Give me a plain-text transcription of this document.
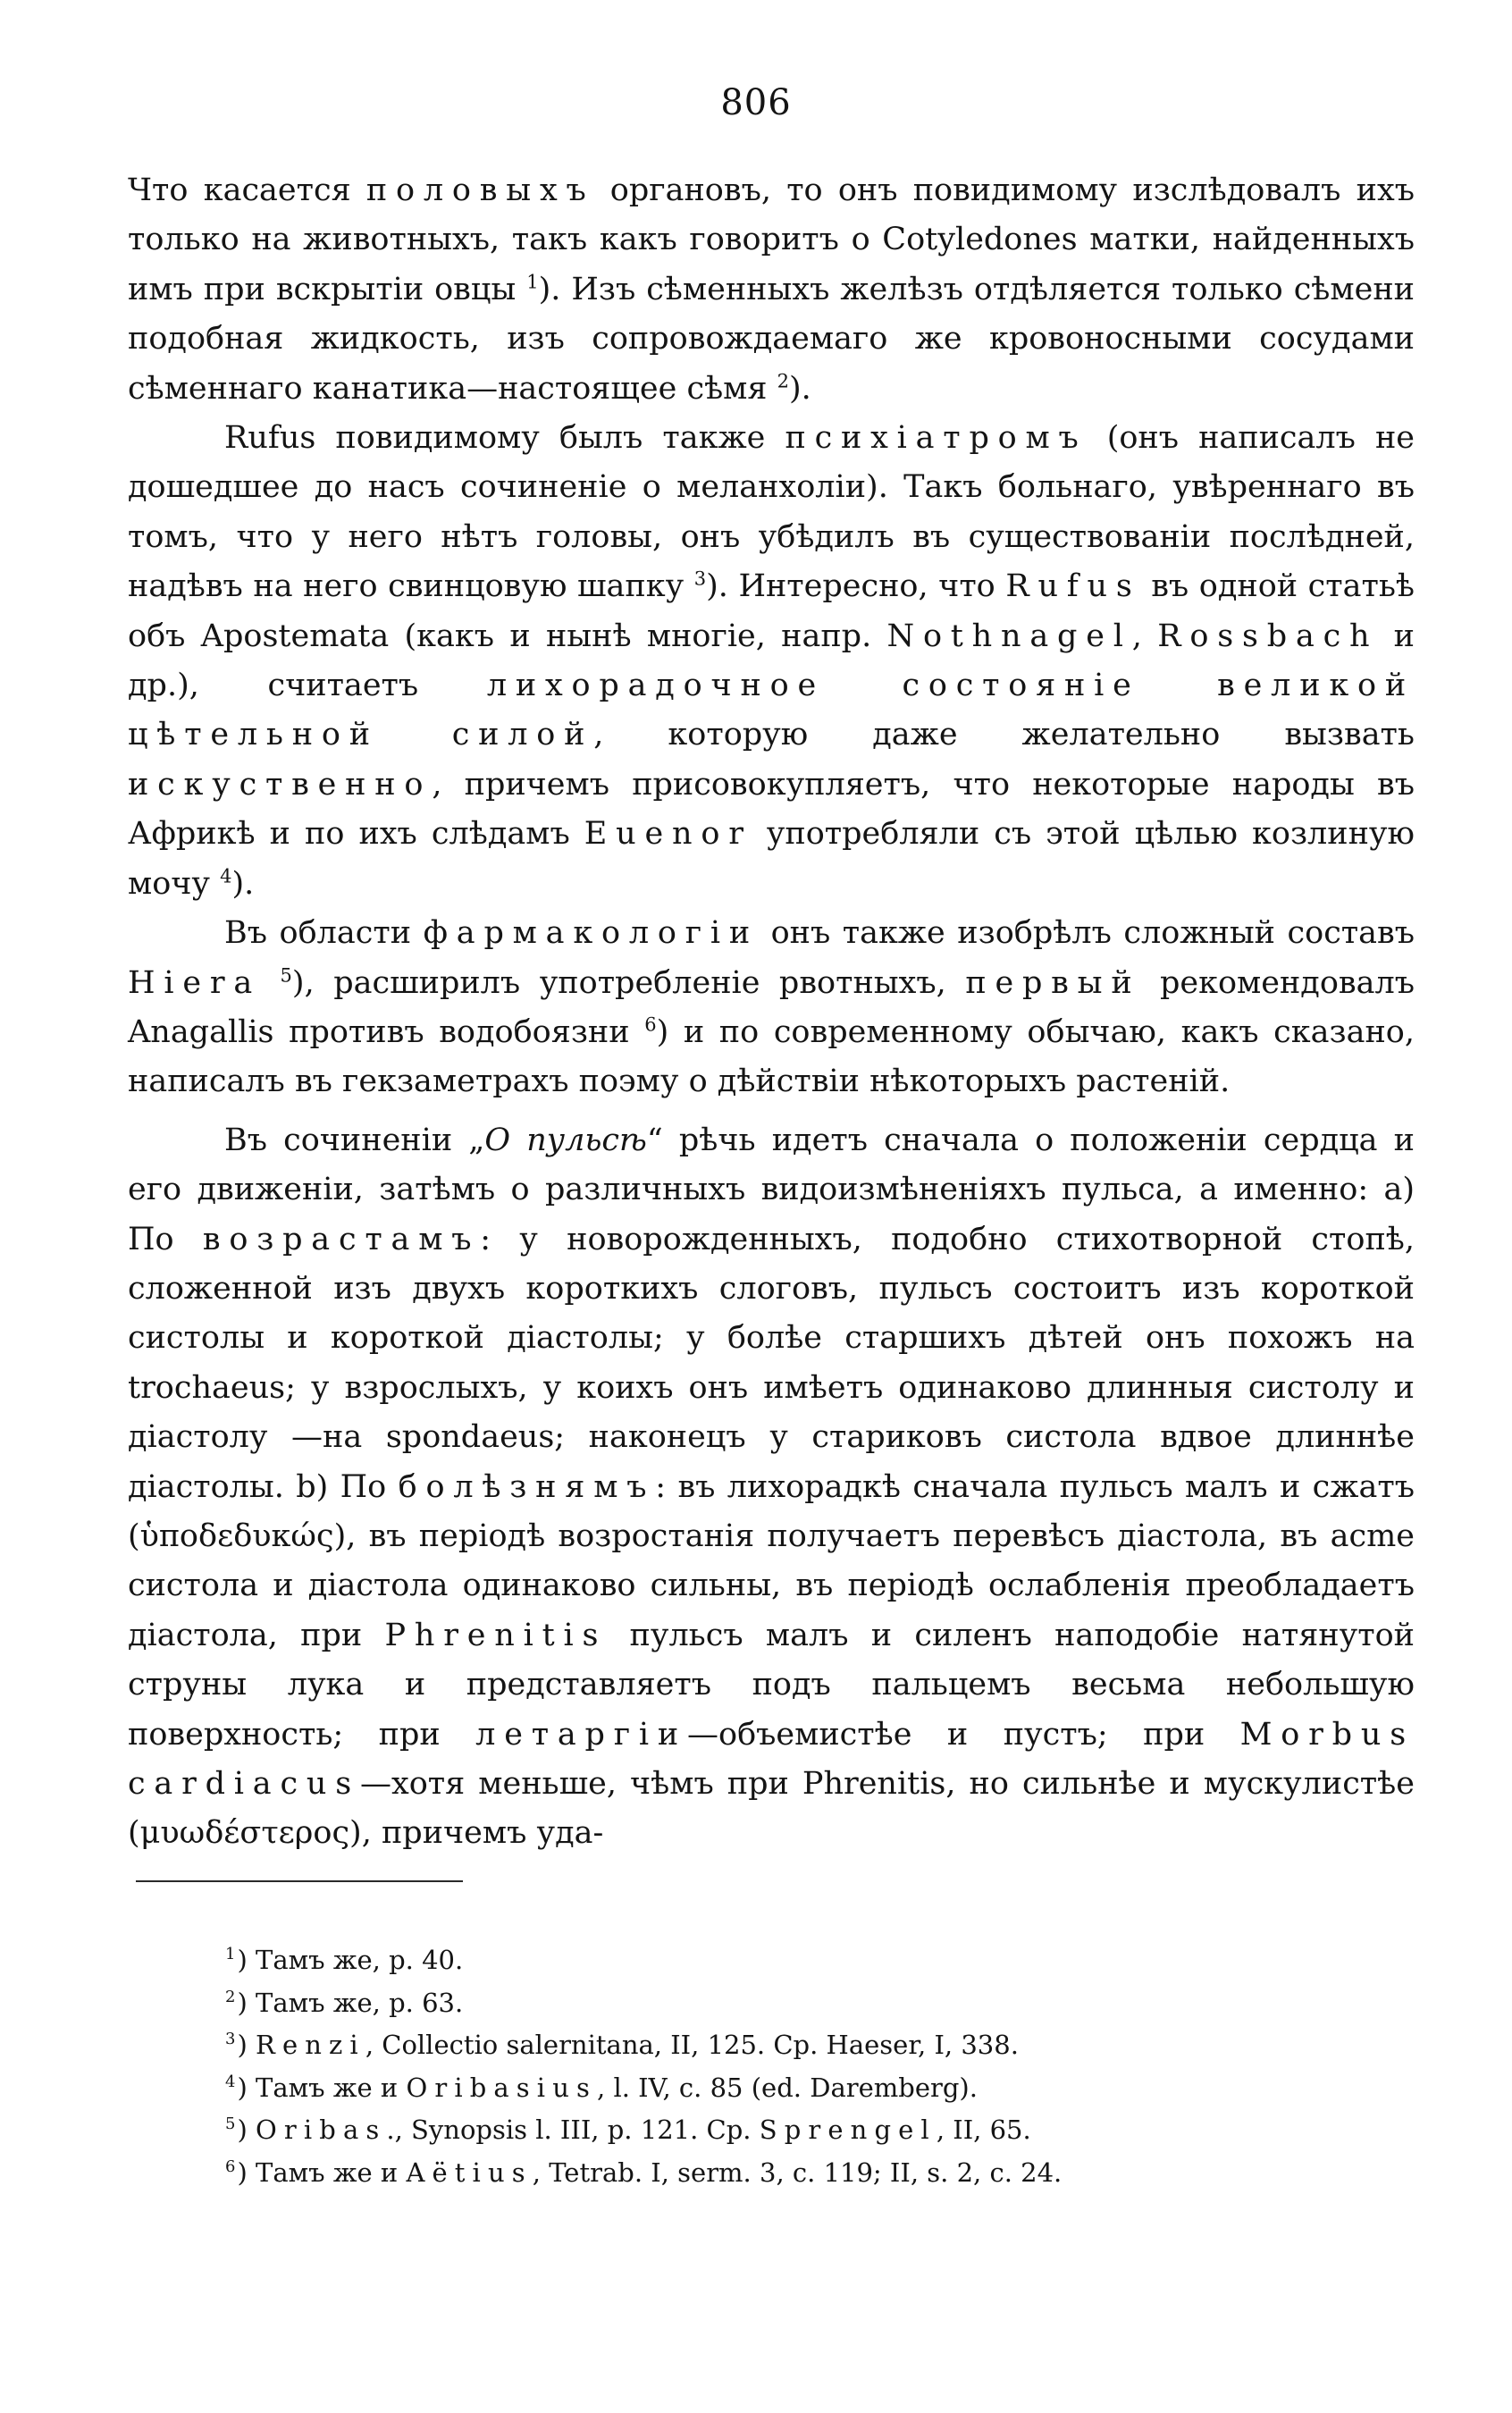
806

Что касается половыхъ органовъ, то онъ повидимому изслѣдовалъ ихъ только на животныхъ, такъ какъ говоритъ о Cotyledones матки, найденныхъ имъ при вскрытіи овцы $^1$). Изъ сѣменныхъ желѣзъ отдѣляется только сѣмени подобная жидкость, изъ сопровождаемаго же кровоносными сосудами сѣменнаго канатика—настоящее сѣмя $^2$).

Rufus повидимому былъ также психіатромъ (онъ написалъ не дошедшее до насъ сочиненіе о меланхоліи). Такъ больнаго, увѣреннаго въ томъ, что у него нѣтъ головы, онъ убѣдилъ въ существованіи послѣдней, надѣвъ на него свинцовую шапку $^3$). Интересно, что Rufus въ одной статьѣ объ Apostemata (какъ и нынѣ многіе, напр. Nothnagel, Rossbach и др.), считаетъ лихорадочное состояніе великой цѣтельной силой, которую даже желательно вызвать искуственно, причемъ присовокупляетъ, что некоторые народы въ Африкѣ и по ихъ слѣдамъ Euenor употребляли съ этой цѣлью козлиную мочу $^4$).

Въ области фармакологіи онъ также изобрѣлъ сложный составъ Hiera $^5$), расширилъ употребленіе рвотныхъ, первый рекомендовалъ Anagallis противъ водобоязни $^6$) и по современному обычаю, какъ сказано, написалъ въ гекзаметрахъ поэму о дѣйствіи нѣкоторыхъ растеній.

Въ сочиненіи „О пульсѣ“ рѣчь идетъ сначала о положеніи сердца и его движеніи, затѣмъ о различныхъ видоизмѣненіяхъ пульса, а именно: a) По возрастамъ: у новорожденныхъ, подобно стихотворной стопѣ, сложенной изъ двухъ короткихъ слоговъ, пульсъ состоитъ изъ короткой систолы и короткой діастолы; у болѣе старшихъ дѣтей онъ похожъ на trochaeus; у взрослыхъ, у коихъ онъ имѣетъ одинаково длинныя систолу и діастолу —на spondaeus; наконецъ у стариковъ систола вдвое длиннѣе діастолы. b) По болѣзнямъ: въ лихорадкѣ сначала пульсъ малъ и сжатъ (ὑποδεδυκώς), въ періодѣ возростанія получаетъ перевѣсъ діастола, въ acme систола и діастола одинаково сильны, въ періодѣ ослабленія преобладаетъ діастола, при Phrenitis пульсъ малъ и силенъ наподобіе натянутой струны лука и представляетъ подъ пальцемъ весьма небольшую поверхность; при летаргіи—объемистѣе и пустъ; при Morbus cardiacus—хотя меньше, чѣмъ при Phrenitis, но сильнѣе и мускулистѣе (μυωδέστερος), причемъ уда-

$^1$) Тамъ же, p. 40.
$^2$) Тамъ же, p. 63.
$^3$) Renzi, Collectio salernitana, II, 125. Cp. Haeser, I, 338.
$^4$) Тамъ же и Oribasius, l. IV, c. 85 (ed. Daremberg).
$^5$) Oribas., Synopsis l. III, p. 121. Cp. Sprengel, II, 65.
$^6$) Тамъ же и Aëtius, Tetrab. I, serm. 3, c. 119; II, s. 2, c. 24.
